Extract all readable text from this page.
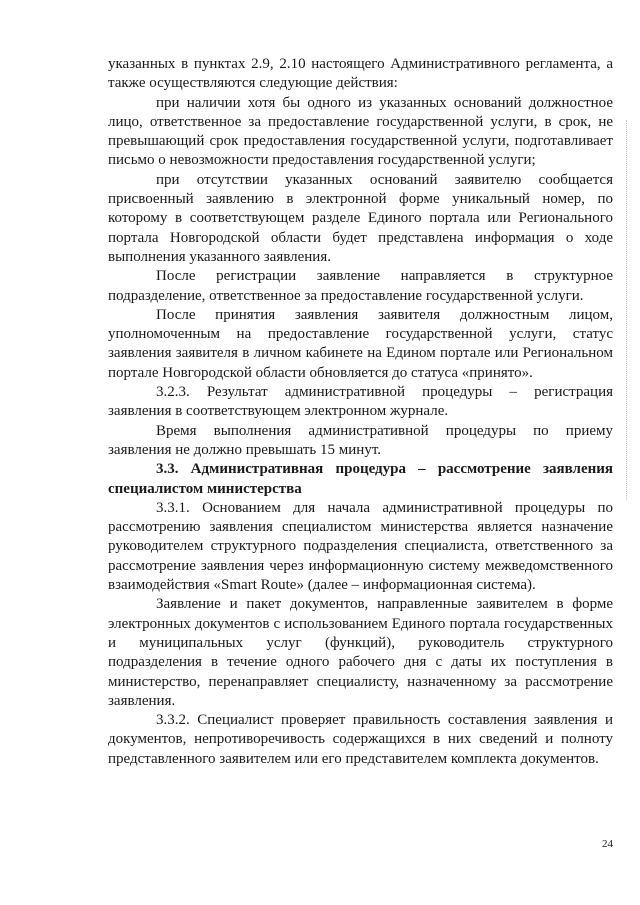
указанных в пунктах 2.9, 2.10 настоящего Административного регламента, а также осуществляются следующие действия:

при наличии хотя бы одного из указанных оснований должностное лицо, ответственное за предоставление государственной услуги, в срок, не превышающий срок предоставления государственной услуги, подготавливает письмо о невозможности предоставления государственной услуги;

при отсутствии указанных оснований заявителю сообщается присвоенный заявлению в электронной форме уникальный номер, по которому в соответствующем разделе Единого портала или Регионального портала Новгородской области будет представлена информация о ходе выполнения указанного заявления.

После регистрации заявление направляется в структурное подразделение, ответственное за предоставление государственной услуги.

После принятия заявления заявителя должностным лицом, уполномоченным на предоставление государственной услуги, статус заявления заявителя в личном кабинете на Едином портале или Региональном портале Новгородской области обновляется до статуса «принято».

3.2.3. Результат административной процедуры – регистрация заявления в соответствующем электронном журнале.

Время выполнения административной процедуры по приему заявления не должно превышать 15 минут.

3.3. Административная процедура – рассмотрение заявления специалистом министерства

3.3.1. Основанием для начала административной процедуры по рассмотрению заявления специалистом министерства является назначение руководителем структурного подразделения специалиста, ответственного за рассмотрение заявления через информационную систему межведомственного взаимодействия «Smart Route» (далее – информационная система).

Заявление и пакет документов, направленные заявителем в форме электронных документов с использованием Единого портала государственных и муниципальных услуг (функций), руководитель структурного подразделения в течение одного рабочего дня с даты их поступления в министерство, перенаправляет специалисту, назначенному за рассмотрение заявления.

3.3.2. Специалист проверяет правильность составления заявления и документов, непротиворечивость содержащихся в них сведений и полноту представленного заявителем или его представителем комплекта документов.

24
